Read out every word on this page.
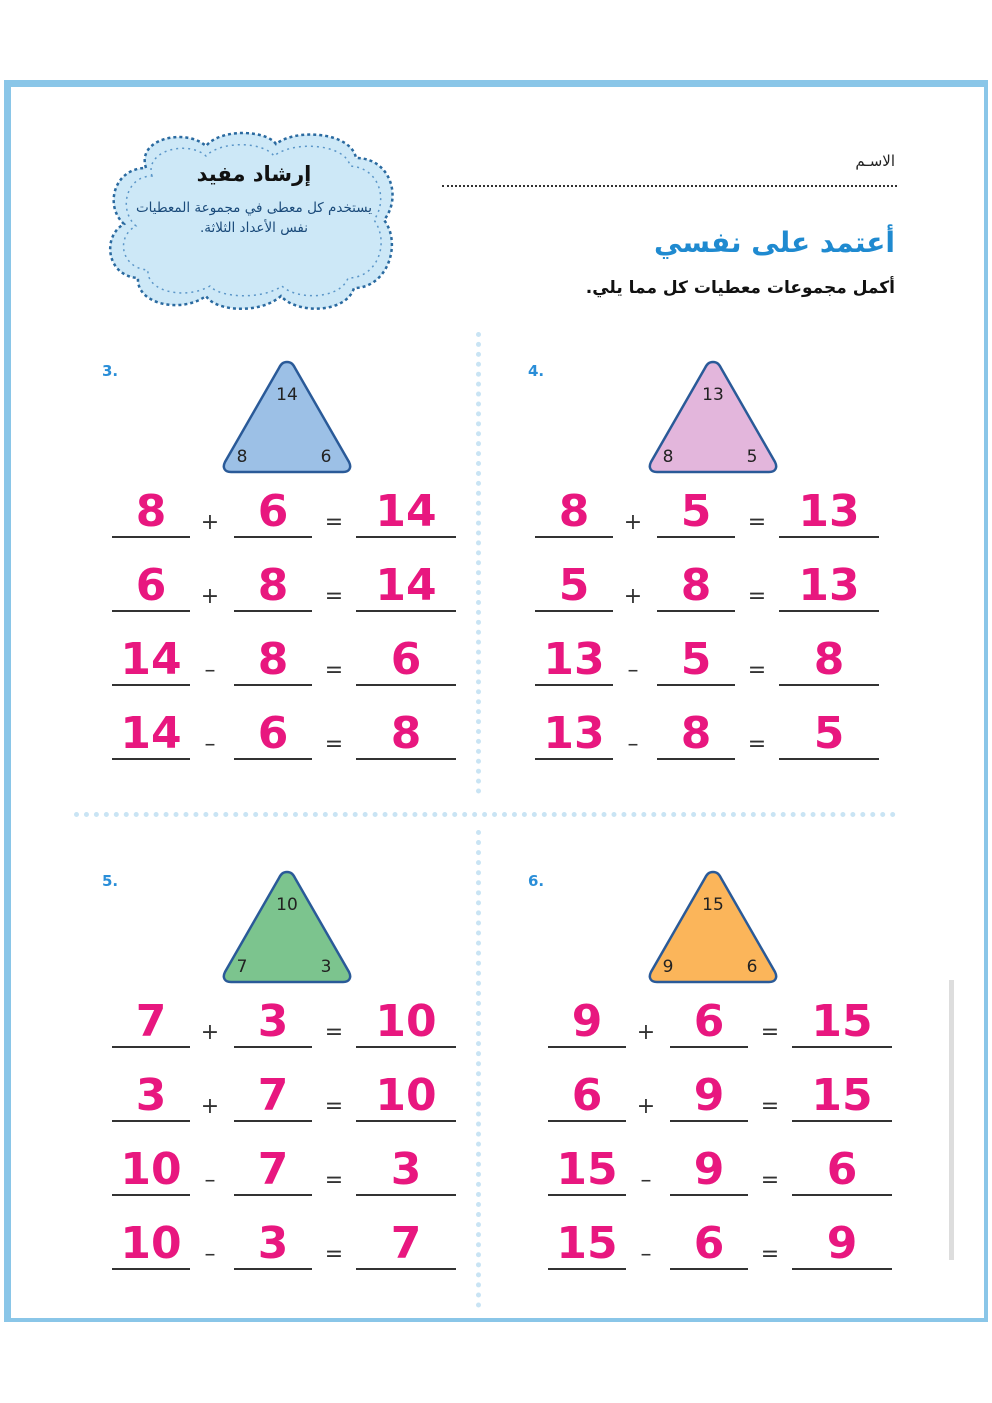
الاسـم
أعتمد على نفسي
أكمل مجموعات معطيات كل مما يلي.
إرشاد مفيد
يستخدم كل معطى في مجموعة المعطيات نفس الأعداد الثلاثة.
3.
14
8	6
8	+ 6	= 14
6	+ 8	= 14
14	– 8	=	6
14	– 6	=	8
4.
13
8	5
8	+ 5	= 13
5	+ 8	= 13
13	– 5	=	8
13	– 8	=	5
5.
10
7	3
7	+ 3	= 10
3	+ 7	= 10
10	– 7	=	3
10	– 3	=	7
6.
15
9	6
9	+ 6	= 15
6	+ 9	= 15
15	– 9	=	6
15	– 6	=	9
